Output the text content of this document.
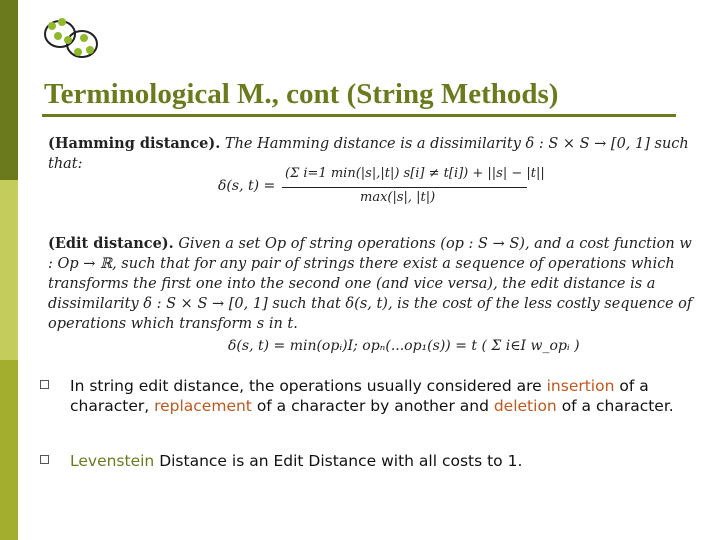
Terminological M., cont (String Methods)
(Hamming distance). The Hamming distance is a dissimilarity δ : S × S → [0, 1] such that:
δ(s, t) =
(Σ i=1 min(|s|,|t|) s[i] ≠ t[i]) + ||s| − |t||
max(|s|, |t|)
(Edit distance). Given a set Op of string operations (op : S → S), and a cost function w : Op → ℝ, such that for any pair of strings there exist a sequence of operations which transforms the first one into the second one (and vice versa), the edit distance is a dissimilarity δ : S × S → [0, 1] such that δ(s, t), is the cost of the less costly sequence of operations which transform s in t.
δ(s, t) = min(opᵢ)I; opₙ(...op₁(s)) = t ( Σ i∈I w_opᵢ )
In string edit distance, the operations usually considered are insertion of a character, replacement of a character by another and deletion of a character.
Levenstein Distance is an Edit Distance with all costs to 1.
